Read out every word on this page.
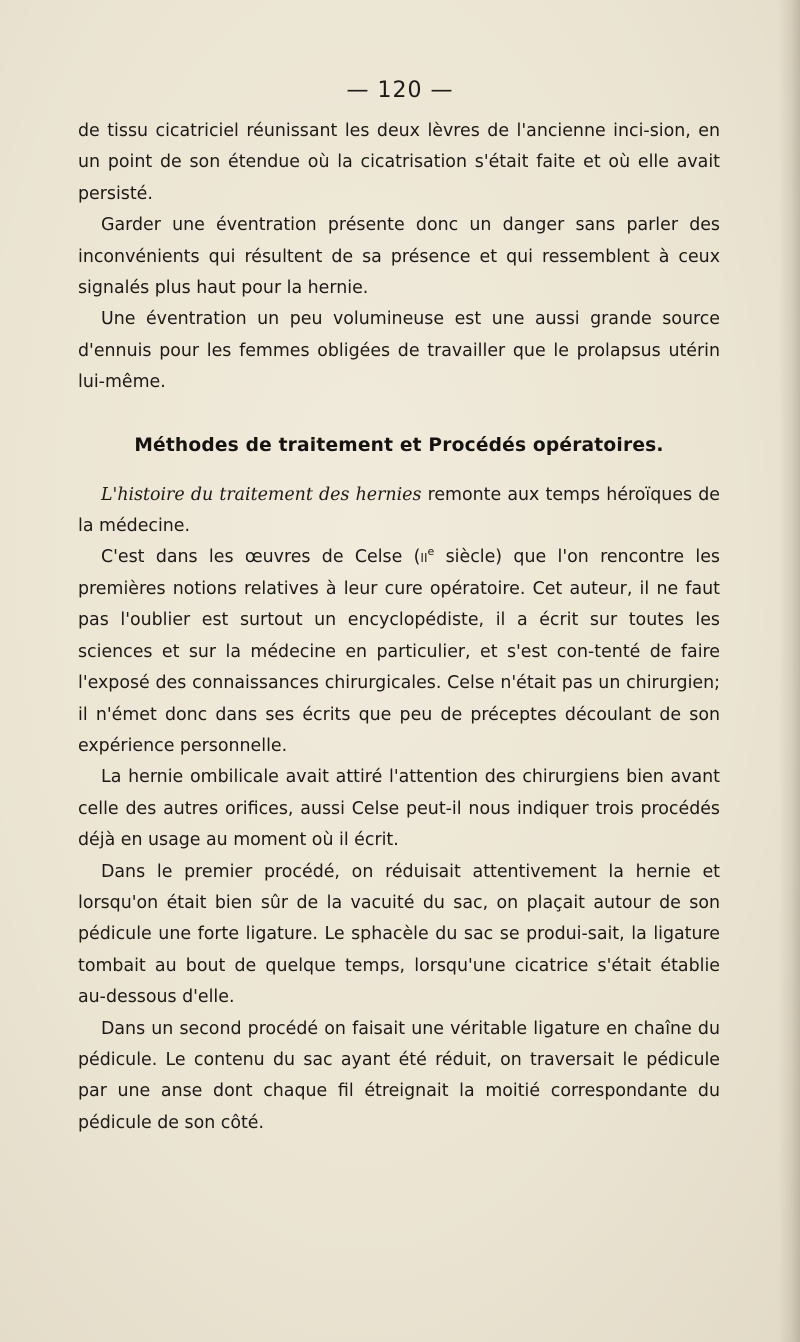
— 120 —

de tissu cicatriciel réunissant les deux lèvres de l'ancienne inci-sion, en un point de son étendue où la cicatrisation s'était faite et où elle avait persisté.

Garder une éventration présente donc un danger sans parler des inconvénients qui résultent de sa présence et qui ressemblent à ceux signalés plus haut pour la hernie.

Une éventration un peu volumineuse est une aussi grande source d'ennuis pour les femmes obligées de travailler que le prolapsus utérin lui-même.

Méthodes de traitement et Procédés opératoires.

L'histoire du traitement des hernies remonte aux temps héroïques de la médecine.

C'est dans les œuvres de Celse ($ii^e$ siècle) que l'on rencontre les premières notions relatives à leur cure opératoire. Cet auteur, il ne faut pas l'oublier est surtout un encyclopédiste, il a écrit sur toutes les sciences et sur la médecine en particulier, et s'est con-tenté de faire l'exposé des connaissances chirurgicales. Celse n'était pas un chirurgien; il n'émet donc dans ses écrits que peu de préceptes découlant de son expérience personnelle.

La hernie ombilicale avait attiré l'attention des chirurgiens bien avant celle des autres orifices, aussi Celse peut-il nous indiquer trois procédés déjà en usage au moment où il écrit.

Dans le premier procédé, on réduisait attentivement la hernie et lorsqu'on était bien sûr de la vacuité du sac, on plaçait autour de son pédicule une forte ligature. Le sphacèle du sac se produi-sait, la ligature tombait au bout de quelque temps, lorsqu'une cicatrice s'était établie au-dessous d'elle.

Dans un second procédé on faisait une véritable ligature en chaîne du pédicule. Le contenu du sac ayant été réduit, on traversait le pédicule par une anse dont chaque fil étreignait la moitié correspondante du pédicule de son côté.
